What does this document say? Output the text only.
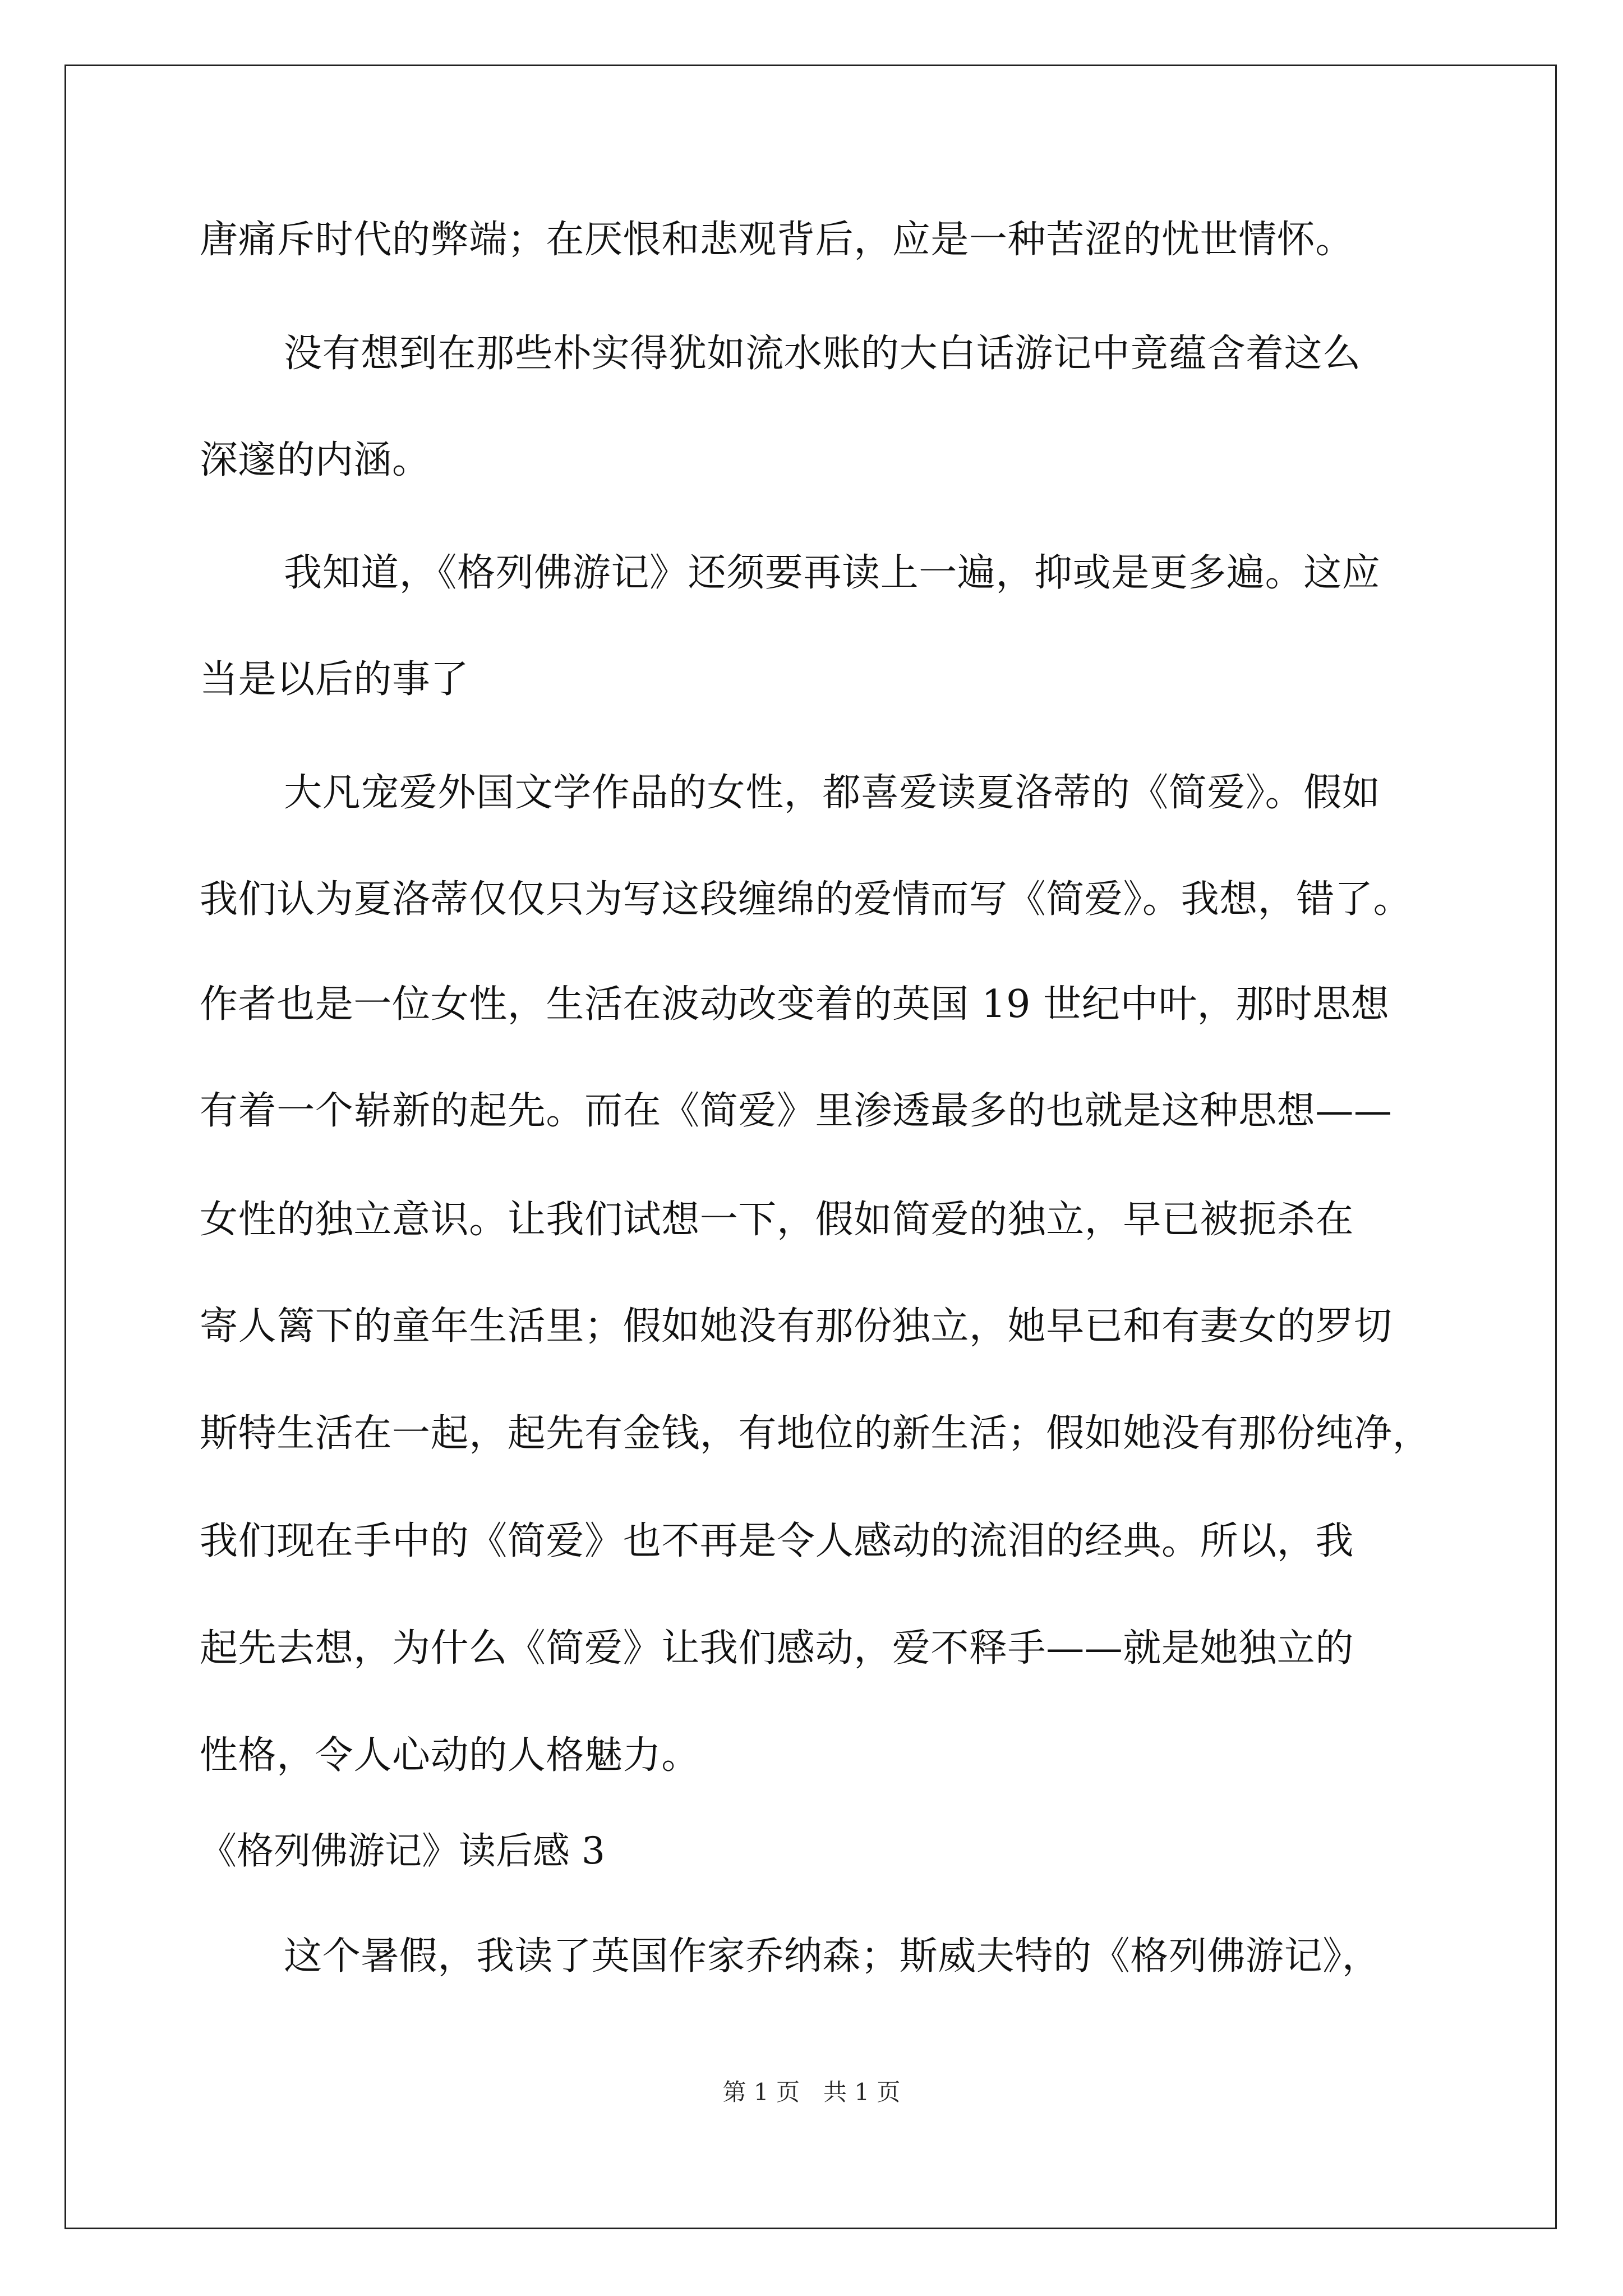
唐痛斥时代的弊端；在厌恨和悲观背后，应是一种苦涩的忧世情怀。
没有想到在那些朴实得犹如流水账的大白话游记中竟蕴含着这么
深邃的内涵。
我知道，《格列佛游记》还须要再读上一遍，抑或是更多遍。这应
当是以后的事了
大凡宠爱外国文学作品的女性，都喜爱读夏洛蒂的《简爱》。假如
我们认为夏洛蒂仅仅只为写这段缠绵的爱情而写《简爱》。我想，错了。
作者也是一位女性，生活在波动改变着的英国 19 世纪中叶，那时思想
有着一个崭新的起先。而在《简爱》里渗透最多的也就是这种思想——
女性的独立意识。让我们试想一下，假如简爱的独立，早已被扼杀在
寄人篱下的童年生活里；假如她没有那份独立，她早已和有妻女的罗切
斯特生活在一起，起先有金钱，有地位的新生活；假如她没有那份纯净，
我们现在手中的《简爱》也不再是令人感动的流泪的经典。所以，我
起先去想，为什么《简爱》让我们感动，爱不释手——就是她独立的
性格，令人心动的人格魅力。
《格列佛游记》读后感 3
这个暑假，我读了英国作家乔纳森；斯威夫特的《格列佛游记》，
第 1 页　共 1 页
